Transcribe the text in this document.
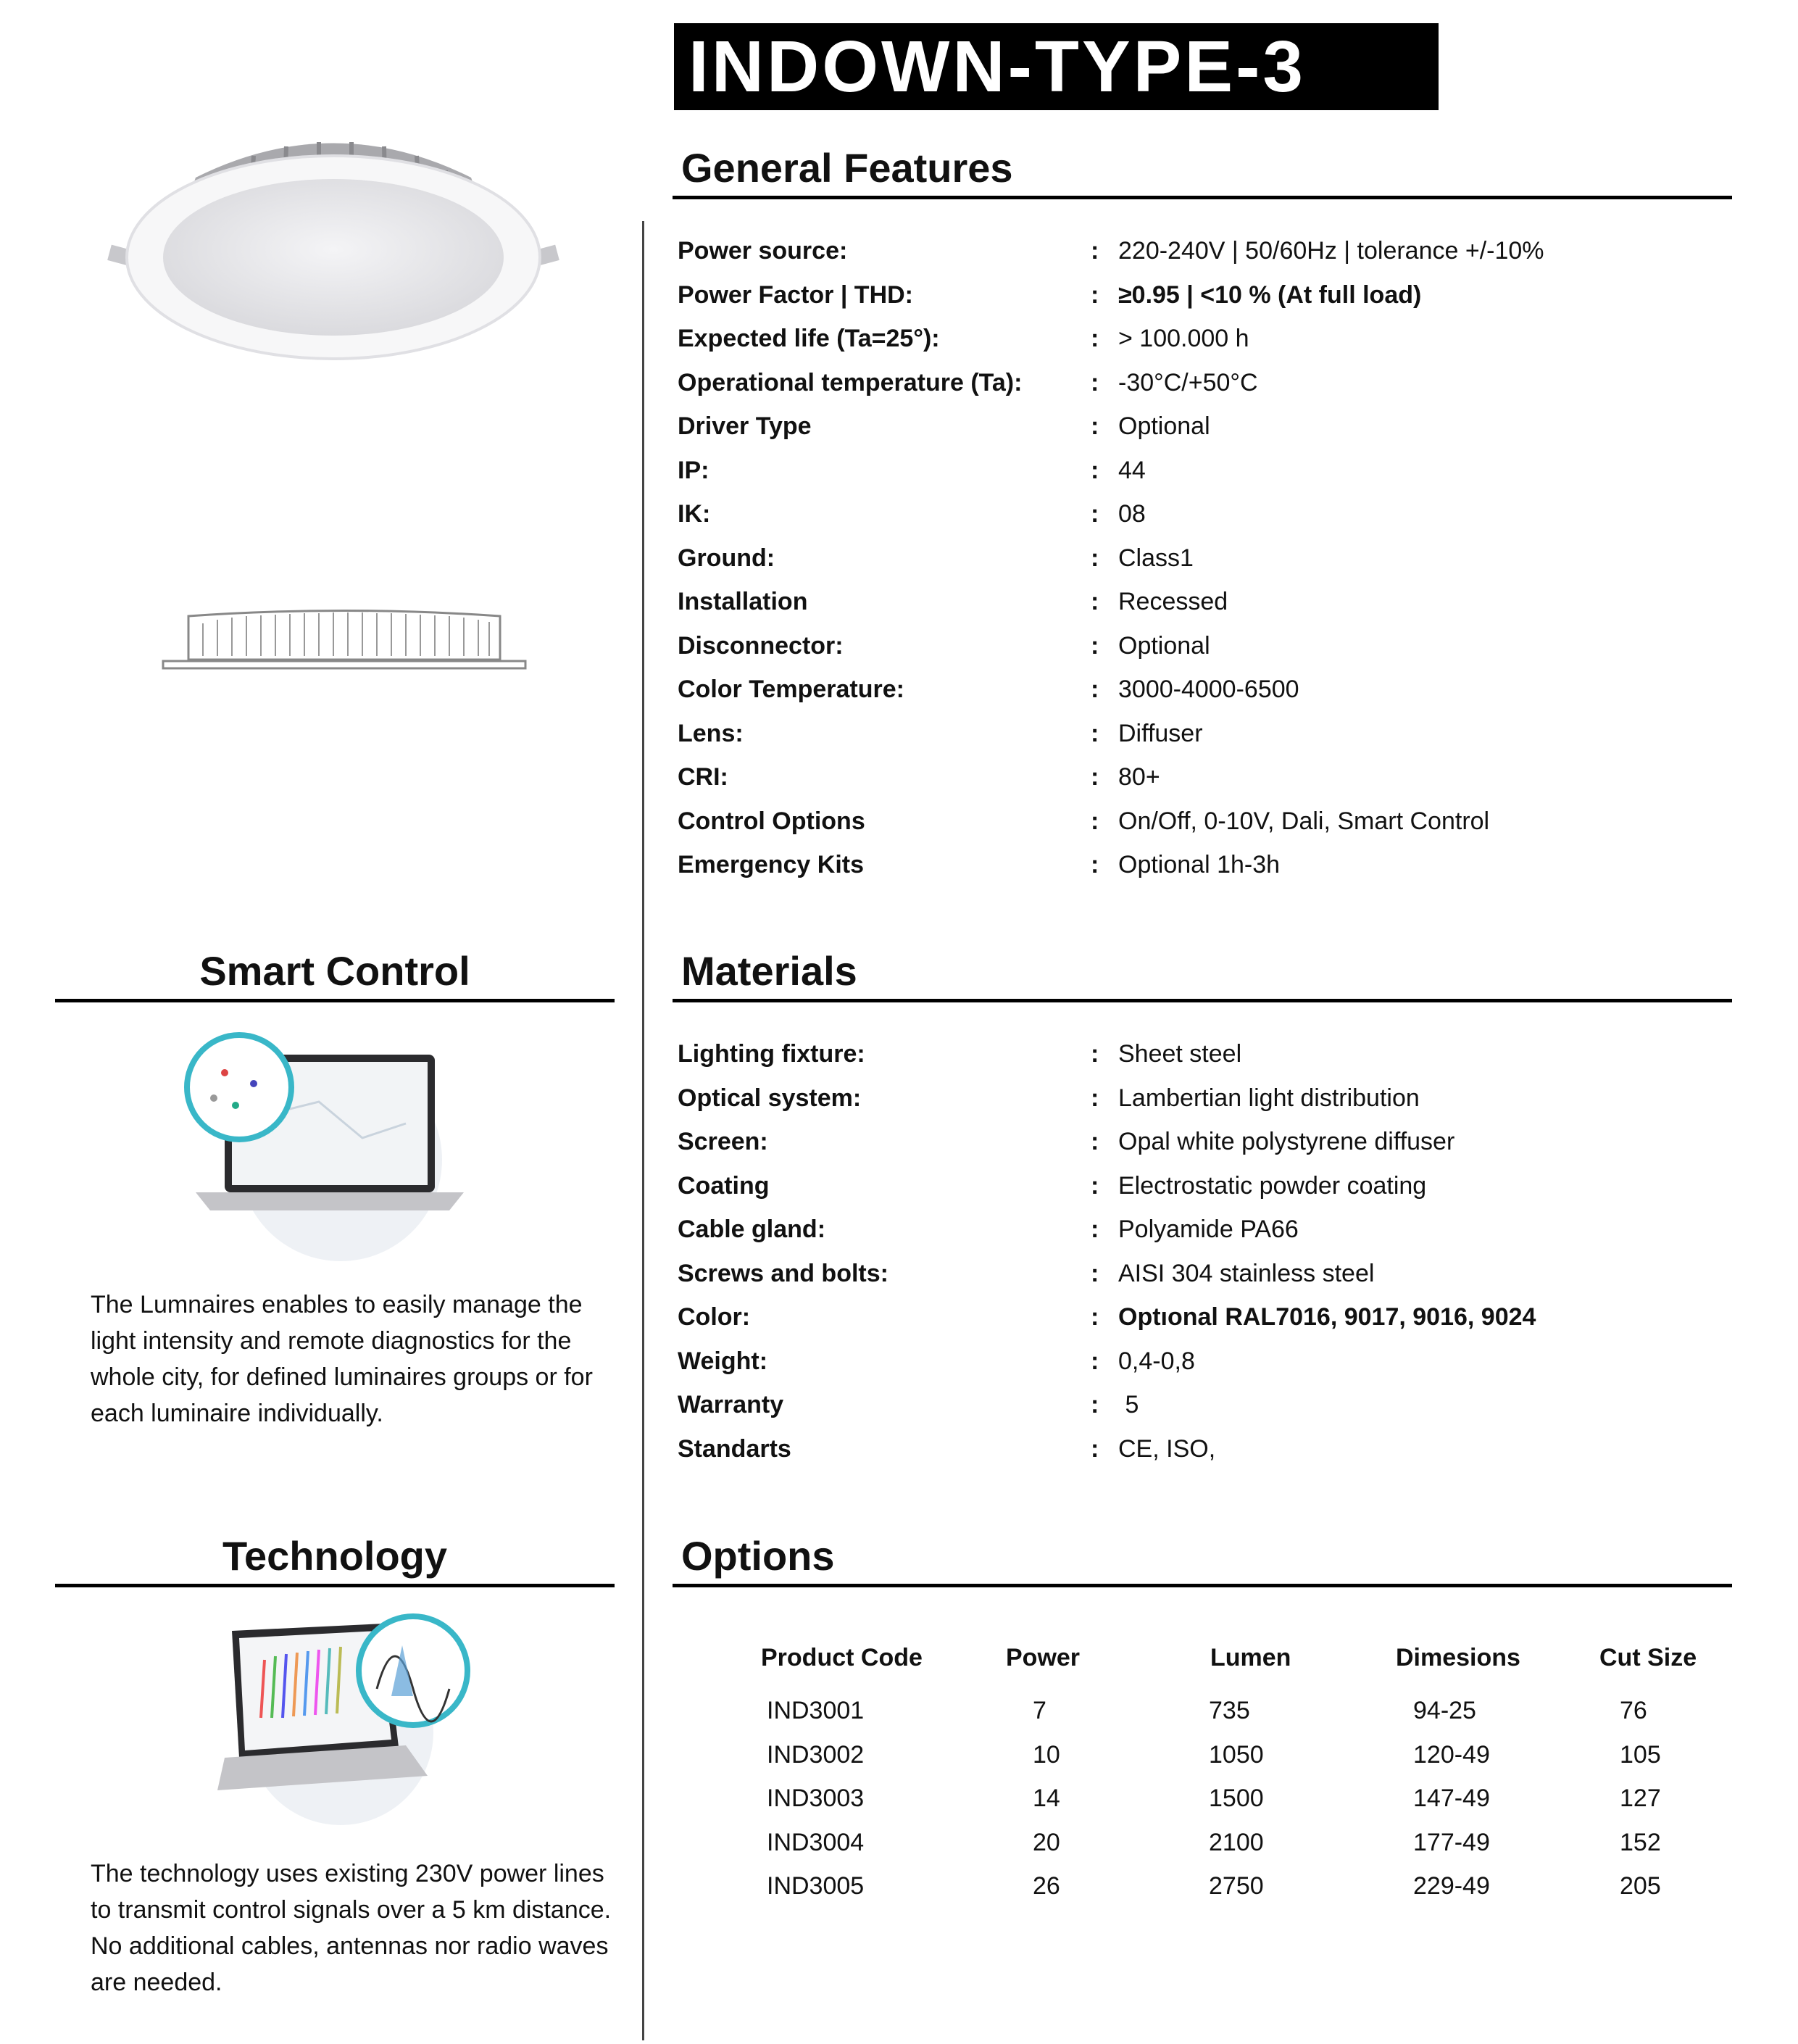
INDOWN-TYPE-3
General Features
Power source:	: 220-240V | 50/60Hz | tolerance +/-10%
Power Factor | THD:	: ≥0.95 | <10 % (At full load)
Expected life (Ta=25°):	: > 100.000 h
Operational temperature (Ta):	: -30°C/+50°C
Driver Type	: Optional
IP:	: 44
IK:	: 08
Ground:	: Class1
Installation	: Recessed
Disconnector:	: Optional
Color Temperature:	: 3000-4000-6500
Lens:	: Diffuser
CRI:	: 80+
Control Options	: On/Off, 0-10V, Dali, Smart Control
Emergency Kits	: Optional 1h-3h
Materials
Lighting fixture:	: Sheet steel
Optical system:	: Lambertian light distribution
Screen:	: Opal white polystyrene diffuser
Coating	: Electrostatic powder coating
Cable gland:	: Polyamide PA66
Screws and bolts:	: AISI 304 stainless steel
Color:	: Optıonal RAL7016, 9017, 9016, 9024
Weight:	: 0,4-0,8
Warranty	: 5
Standarts	: CE, ISO,
Options
Product Code	Power	Lumen	Dimesions	Cut Size
IND3001	7	735	94-25	76
IND3002	10	1050	120-49	105
IND3003	14	1500	147-49	127
IND3004	20	2100	177-49	152
IND3005	26	2750	229-49	205
Smart Control
The Lumnaires enables to easily manage the light intensity and remote diagnostics for the whole city, for defined luminaires groups or for each luminaire individually.
Technology
The technology uses existing 230V power lines to transmit control signals over a 5 km distance. No additional cables, antennas nor radio waves are needed.
